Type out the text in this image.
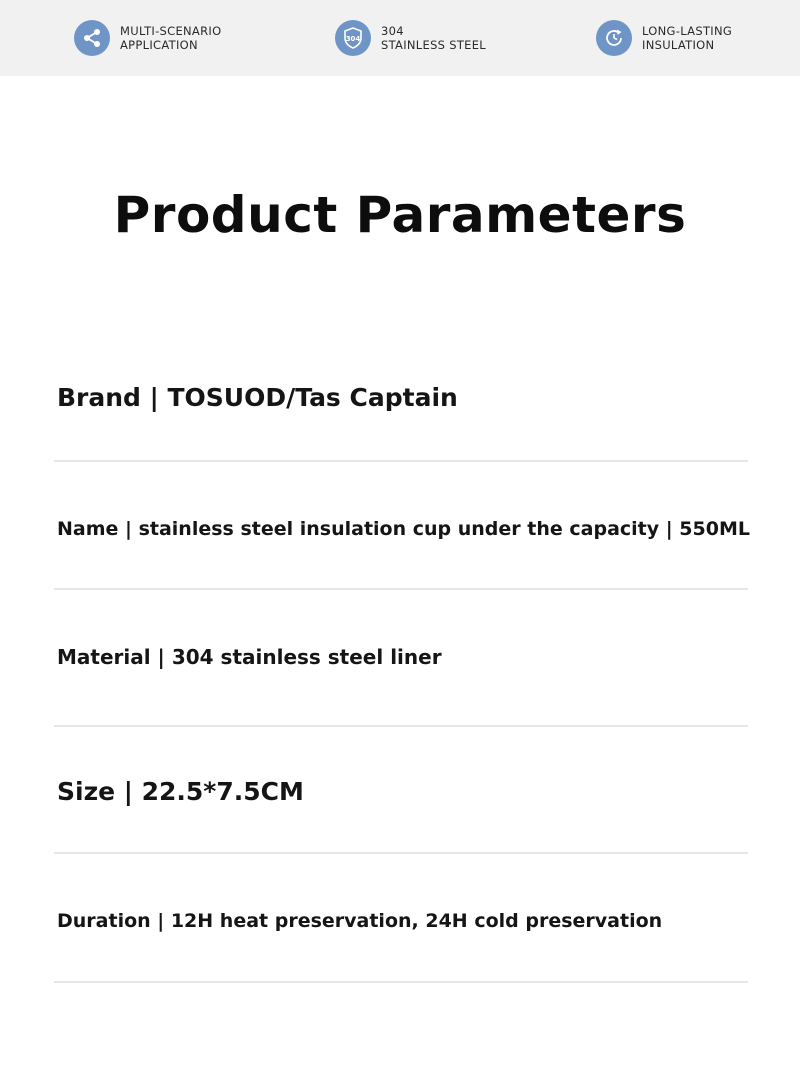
MULTI-SCENARIO
APPLICATION	304
304
STAINLESS STEEL
LONG-LASTING
INSULATION
Product Parameters

Brand | TOSUOD/Tas Captain

Name | stainless steel insulation cup under the capacity | 550ML

Material | 304 stainless steel liner

Size | 22.5*7.5CM

Duration | 12H heat preservation, 24H cold preservation
